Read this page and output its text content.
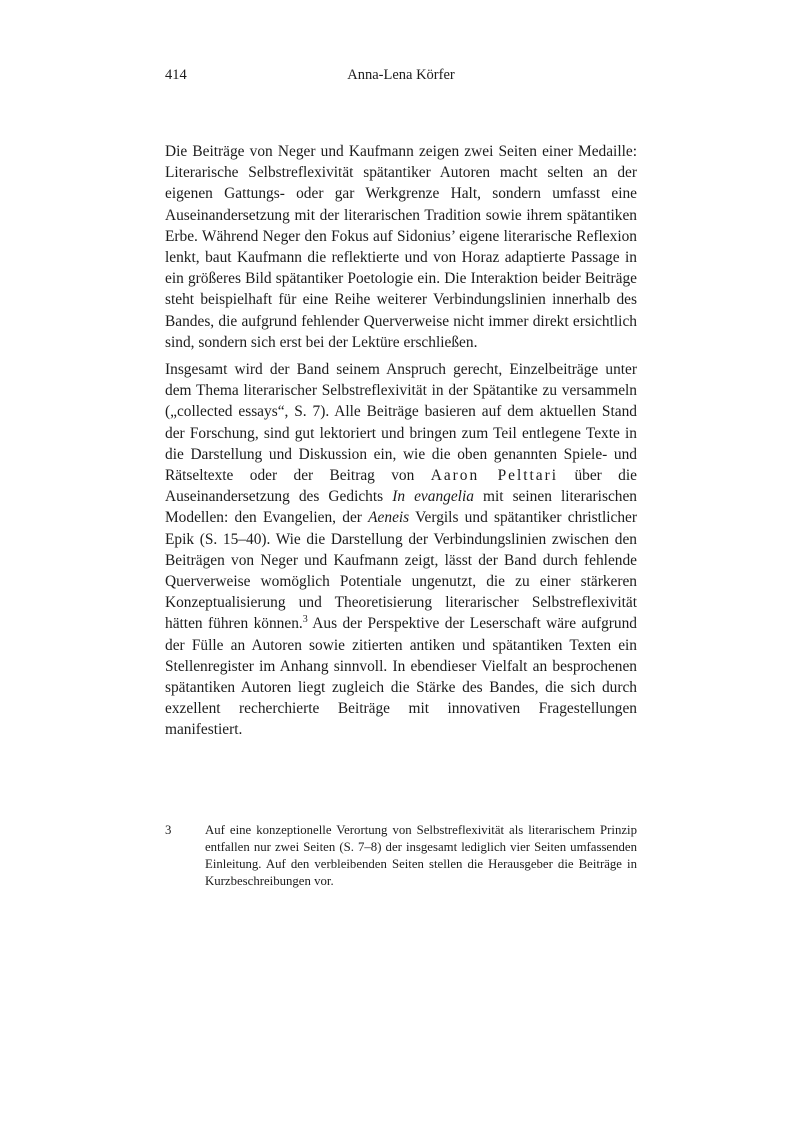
Anna-Lena Körfer
414

Die Beiträge von Neger und Kaufmann zeigen zwei Seiten einer Medaille: Literarische Selbstreflexivität spätantiker Autoren macht selten an der eigenen Gattungs- oder gar Werkgrenze Halt, sondern umfasst eine Auseinandersetzung mit der literarischen Tradition sowie ihrem spätantiken Erbe. Während Neger den Fokus auf Sidonius’ eigene literarische Reflexion lenkt, baut Kaufmann die reflektierte und von Horaz adaptierte Passage in ein größeres Bild spätantiker Poetologie ein. Die Interaktion beider Beiträge steht beispielhaft für eine Reihe weiterer Verbindungslinien innerhalb des Bandes, die aufgrund fehlender Querverweise nicht immer direkt ersichtlich sind, sondern sich erst bei der Lektüre erschließen.

Insgesamt wird der Band seinem Anspruch gerecht, Einzelbeiträge unter dem Thema literarischer Selbstreflexivität in der Spätantike zu versammeln („collected essays“, S. 7). Alle Beiträge basieren auf dem aktuellen Stand der Forschung, sind gut lektoriert und bringen zum Teil entlegene Texte in die Darstellung und Diskussion ein, wie die oben genannten Spiele- und Rätseltexte oder der Beitrag von Aaron Pelttari über die Auseinandersetzung des Gedichts In evangelia mit seinen literarischen Modellen: den Evangelien, der Aeneis Vergils und spätantiker christlicher Epik (S. 15–40). Wie die Darstellung der Verbindungslinien zwischen den Beiträgen von Neger und Kaufmann zeigt, lässt der Band durch fehlende Querverweise womöglich Potentiale ungenutzt, die zu einer stärkeren Konzeptualisierung und Theoretisierung literarischer Selbstreflexivität hätten führen können.$^3$ Aus der Perspektive der Leserschaft wäre aufgrund der Fülle an Autoren sowie zitierten antiken und spätantiken Texten ein Stellenregister im Anhang sinnvoll. In ebendieser Vielfalt an besprochenen spätantiken Autoren liegt zugleich die Stärke des Bandes, die sich durch exzellent recherchierte Beiträge mit innovativen Fragestellungen manifestiert.

3	Auf eine konzeptionelle Verortung von Selbstreflexivität als literarischem Prinzip entfallen nur zwei Seiten (S. 7–8) der insgesamt lediglich vier Seiten umfassenden Einleitung. Auf den verbleibenden Seiten stellen die Herausgeber die Beiträge in Kurzbeschreibungen vor.
